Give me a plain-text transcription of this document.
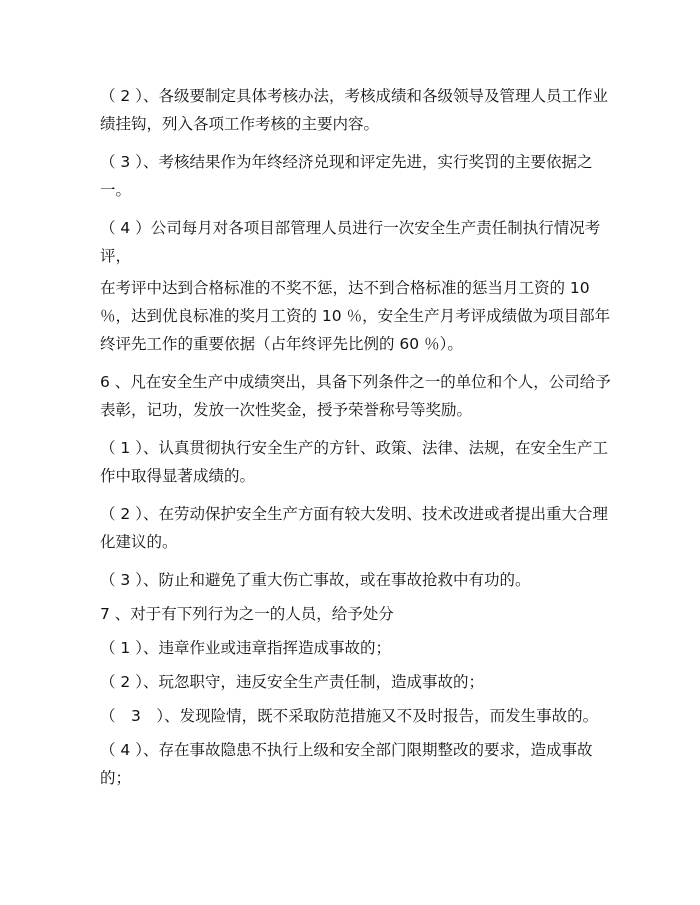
（ 2 ）、各级要制定具体考核办法，考核成绩和各级领导及管理人员工作业绩挂钩，列入各项工作考核的主要内容。

（ 3 ）、考核结果作为年终经济兑现和评定先进，实行奖罚的主要依据之一。

（ 4 ）公司每月对各项目部管理人员进行一次安全生产责任制执行情况考评，

在考评中达到合格标准的不奖不惩，达不到合格标准的惩当月工资的 10 ％，达到优良标准的奖月工资的 10 ％，安全生产月考评成绩做为项目部年终评先工作的重要依据（占年终评先比例的 60 ％）。

6 、凡在安全生产中成绩突出，具备下列条件之一的单位和个人，公司给予表彰，记功，发放一次性奖金，授予荣誉称号等奖励。

（ 1 ）、认真贯彻执行安全生产的方针、政策、法律、法规，在安全生产工作中取得显著成绩的。

（ 2 ）、在劳动保护安全生产方面有较大发明、技术改进或者提出重大合理化建议的。

（ 3 ）、防止和避免了重大伤亡事故，或在事故抢救中有功的。

7 、对于有下列行为之一的人员，给予处分

（ 1 ）、违章作业或违章指挥造成事故的；

（ 2 ）、玩忽职守，违反安全生产责任制，造成事故的；

（　3　）、发现险情，既不采取防范措施又不及时报告，而发生事故的。

（ 4 ）、存在事故隐患不执行上级和安全部门限期整改的要求，造成事故的；
